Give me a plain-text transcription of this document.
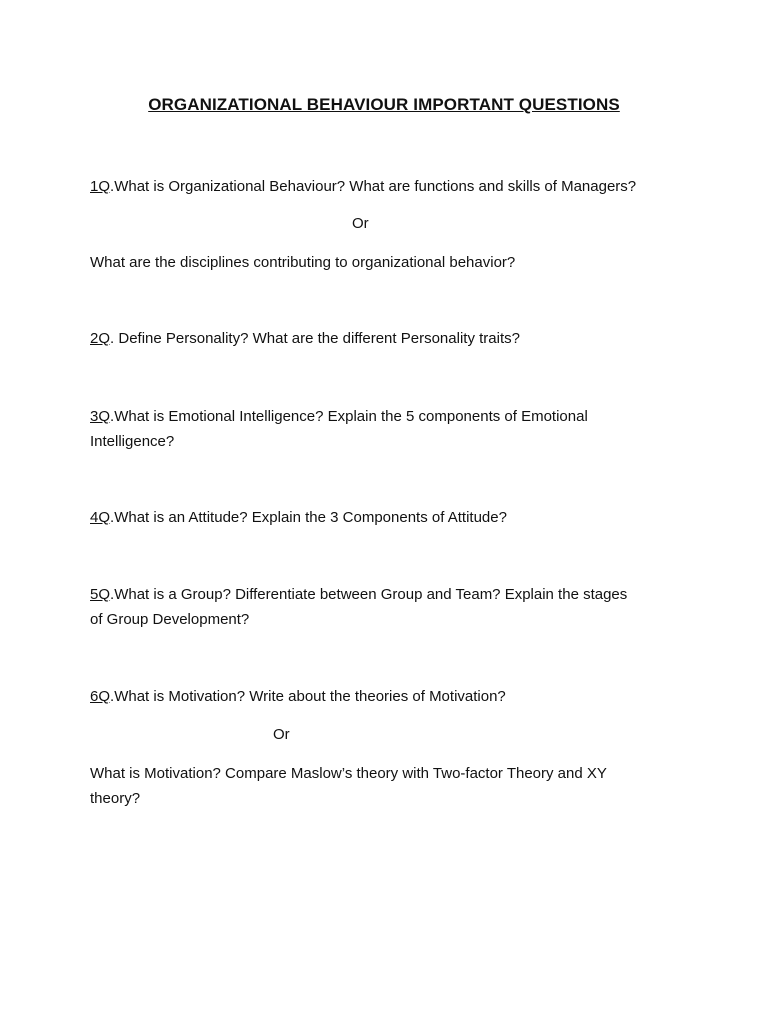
ORGANIZATIONAL BEHAVIOUR IMPORTANT QUESTIONS
1Q.What is Organizational Behaviour? What are functions and skills of Managers?
Or
What are the disciplines contributing to organizational behavior?
2Q. Define Personality? What are the different Personality traits?
3Q.What is Emotional Intelligence? Explain the 5 components of Emotional
Intelligence?
4Q.What is an Attitude? Explain the 3 Components of Attitude?
5Q.What is a Group? Differentiate between Group and Team? Explain the stages
of Group Development?
6Q.What is Motivation? Write about the theories of Motivation?
Or
What is Motivation? Compare Maslow’s theory with Two-factor Theory and XY
theory?
